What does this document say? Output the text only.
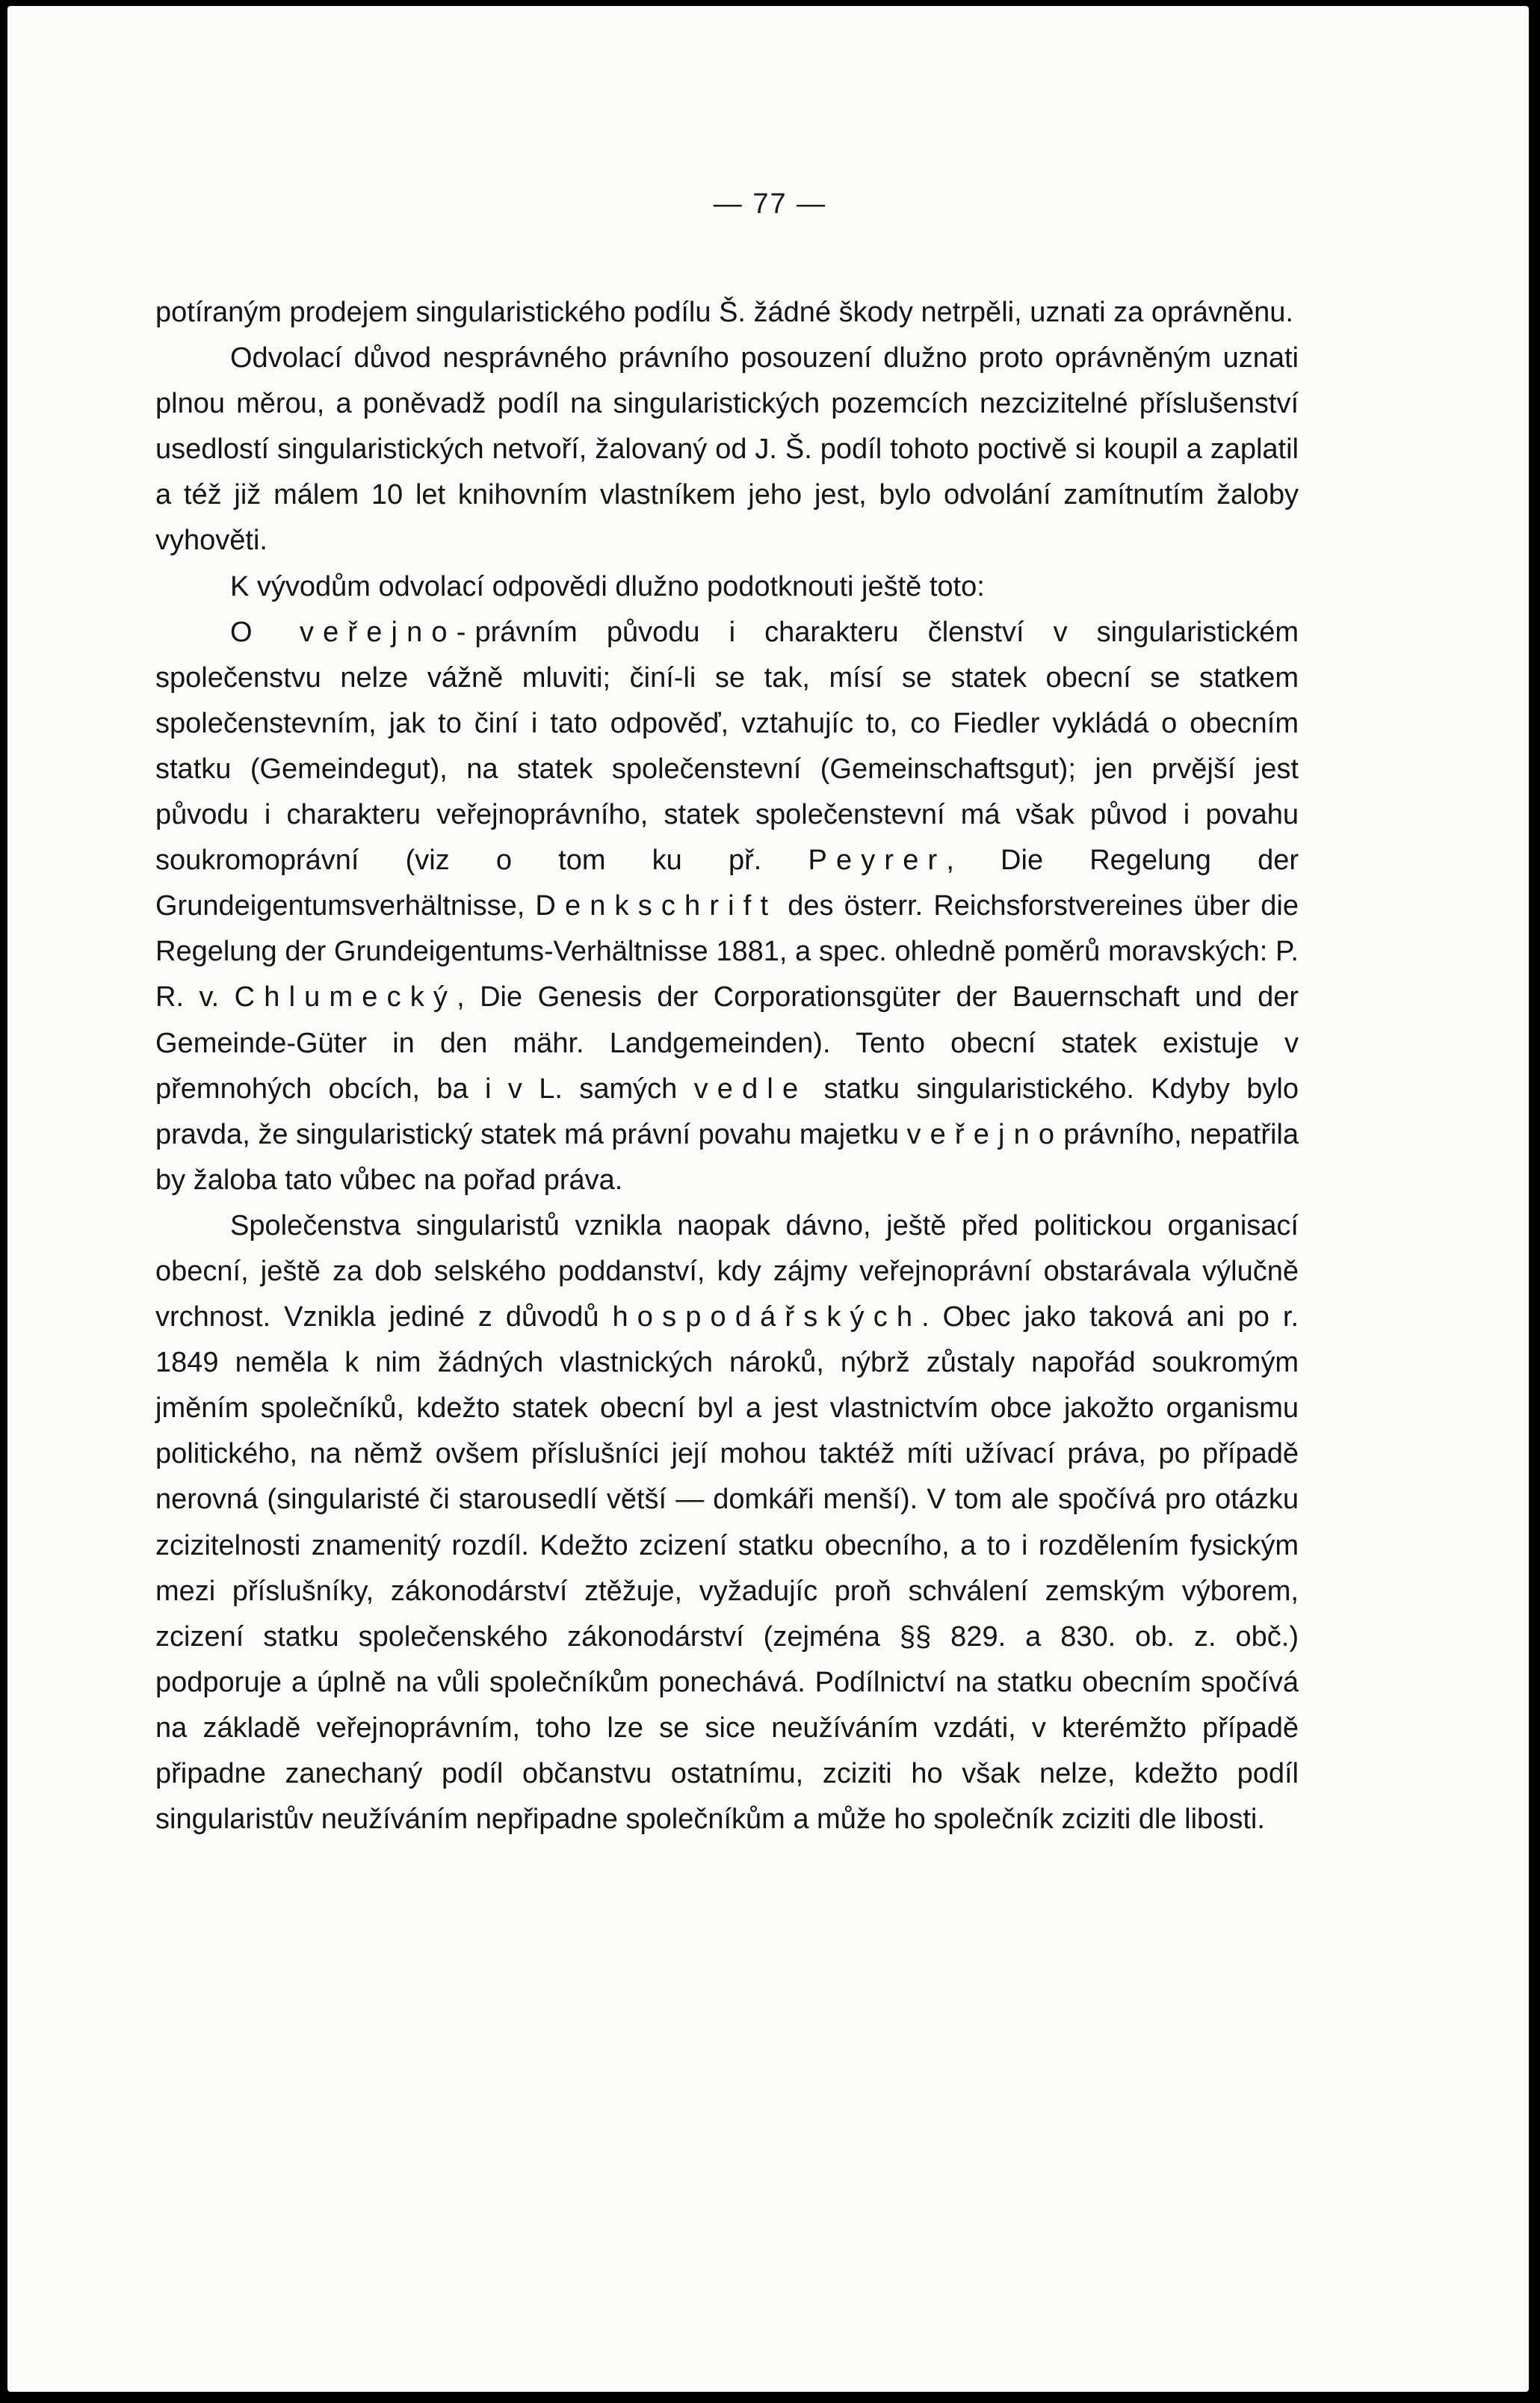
— 77 —

potíraným prodejem singularistického podílu Š. žádné škody netrpěli, uznati za oprávněnu.

Odvolací důvod nesprávného právního posouzení dlužno proto oprávněným uznati plnou měrou, a poněvadž podíl na singularistických pozemcích nezcizitelné příslušenství usedlostí singularistických netvoří, žalovaný od J. Š. podíl tohoto poctivě si koupil a zaplatil a též již málem 10 let knihovním vlastníkem jeho jest, bylo odvolání zamítnutím žaloby vyhověti.

K vývodům odvolací odpovědi dlužno podotknouti ještě toto:

O veřejno-právním původu i charakteru členství v singularistickém společenstvu nelze vážně mluviti; činí-li se tak, mísí se statek obecní se statkem společenstevním, jak to činí i tato odpověď, vztahujíc to, co Fiedler vykládá o obecním statku (Gemeindegut), na statek společenstevní (Gemeinschaftsgut); jen prvější jest původu i charakteru veřejnoprávního, statek společenstevní má však původ i povahu soukromoprávní (viz o tom ku př. Peyrer, Die Regelung der Grundeigentumsverhältnisse, Denkschrift des österr. Reichsforstvereines über die Regelung der Grundeigentums-Verhältnisse 1881, a spec. ohledně poměrů moravských: P. R. v. Chlumecký, Die Genesis der Corporationsgüter der Bauernschaft und der Gemeinde-Güter in den mähr. Landgemeinden). Tento obecní statek existuje v přemnohých obcích, ba i v L. samých vedle statku singularistického. Kdyby bylo pravda, že singularistický statek má právní povahu majetku veřejnoprávního, nepatřila by žaloba tato vůbec na pořad práva.

Společenstva singularistů vznikla naopak dávno, ještě před politickou organisací obecní, ještě za dob selského poddanství, kdy zájmy veřejnoprávní obstarávala výlučně vrchnost. Vznikla jediné z důvodů hospodářských. Obec jako taková ani po r. 1849 neměla k nim žádných vlastnických nároků, nýbrž zůstaly napořád soukromým jměním společníků, kdežto statek obecní byl a jest vlastnictvím obce jakožto organismu politického, na němž ovšem příslušníci její mohou taktéž míti užívací práva, po případě nerovná (singularisté či starousedlí větší — domkáři menší). V tom ale spočívá pro otázku zcizitelnosti znamenitý rozdíl. Kdežto zcizení statku obecního, a to i rozdělením fysickým mezi příslušníky, zákonodárství ztěžuje, vyžadujíc proň schválení zemským výborem, zcizení statku společenského zákonodárství (zejména §§ 829. a 830. ob. z. obč.) podporuje a úplně na vůli společníkům ponechává. Podílnictví na statku obecním spočívá na základě veřejnoprávním, toho lze se sice neužíváním vzdáti, v kterémžto případě připadne zanechaný podíl občanstvu ostatnímu, zciziti ho však nelze, kdežto podíl singularistův neužíváním nepřipadne společníkům a může ho společník zciziti dle libosti.
